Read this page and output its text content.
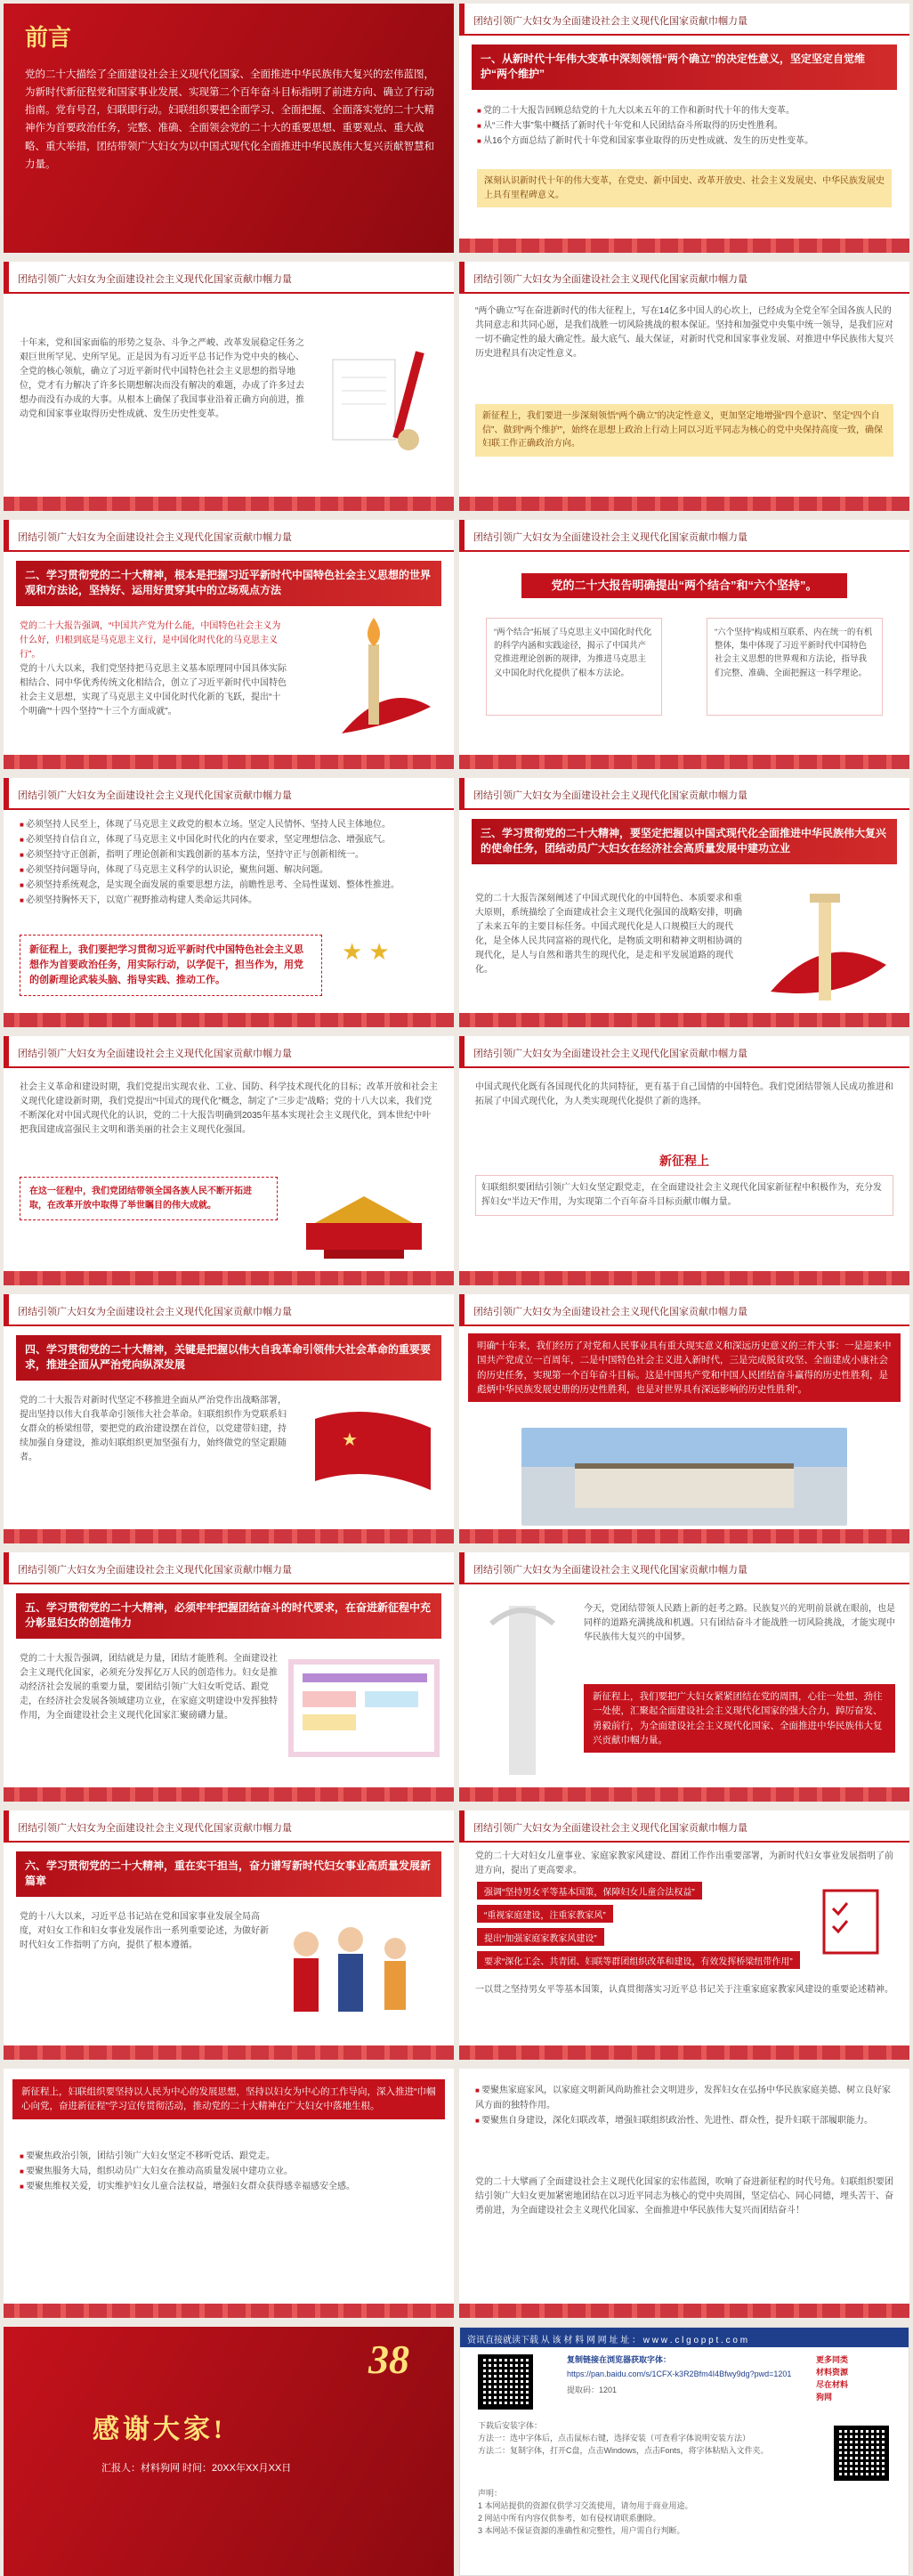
前言
党的二十大描绘了全面建设社会主义现代化国家、全面推进中华民族伟大复兴的宏伟蓝图，为新时代新征程党和国家事业发展、实现第二个百年奋斗目标指明了前进方向、确立了行动指南。党有号召，妇联即行动。妇联组织要把全面学习、全面把握、全面落实党的二十大精神作为首要政治任务，完整、准确、全面领会党的二十大的重要思想、重要观点、重大战略、重大举措，团结带领广大妇女为以中国式现代化全面推进中华民族伟大复兴贡献智慧和力量。
团结引领广大妇女为全面建设社会主义现代化国家贡献巾帼力量
一、从新时代十年伟大变革中深刻领悟“两个确立”的决定性意义，坚定坚定自觉维护“两个维护”
■ 党的二十大报告回顾总结党的十九大以来五年的工作和新时代十年的伟大变革。
■ 从“三件大事”集中概括了新时代十年党和人民团结奋斗所取得的历史性胜利。
■ 从16个方面总结了新时代十年党和国家事业取得的历史性成就、发生的历史性变革。
深刻认识新时代十年的伟大变革，在党史、新中国史、改革开放史、社会主义发展史、中华民族发展史上具有里程碑意义。
团结引领广大妇女为全面建设社会主义现代化国家贡献巾帼力量
十年来，党和国家面临的形势之复杂、斗争之严峻、改革发展稳定任务之艰巨世所罕见、史所罕见。正是因为有习近平总书记作为党中央的核心、全党的核心领航，确立了习近平新时代中国特色社会主义思想的指导地位，党才有力解决了许多长期想解决而没有解决的难题，办成了许多过去想办而没有办成的大事。从根本上确保了我国事业沿着正确方向前进，推动党和国家事业取得历史性成就、发生历史性变革。
团结引领广大妇女为全面建设社会主义现代化国家贡献巾帼力量
“两个确立”写在奋进新时代的伟大征程上，写在14亿多中国人的心坎上，已经成为全党全军全国各族人民的共同意志和共同心愿，是我们战胜一切风险挑战的根本保证。坚持和加强党中央集中统一领导，是我们应对一切不确定性的最大确定性。最大底气、最大保证，对新时代党和国家事业发展、对推进中华民族伟大复兴历史进程具有决定性意义。
新征程上，我们要进一步深刻领悟“两个确立”的决定性意义，更加坚定地增强“四个意识”、坚定“四个自信”、做到“两个维护”，始终在思想上政治上行动上同以习近平同志为核心的党中央保持高度一致，确保妇联工作正确政治方向。
团结引领广大妇女为全面建设社会主义现代化国家贡献巾帼力量
二、学习贯彻党的二十大精神，根本是把握习近平新时代中国特色社会主义思想的世界观和方法论，坚持好、运用好贯穿其中的立场观点方法
党的二十大报告强调，“中国共产党为什么能，中国特色社会主义为什么好，归根到底是马克思主义行，是中国化时代化的马克思主义行”。
党的十八大以来，我们党坚持把马克思主义基本原理同中国具体实际相结合、同中华优秀传统文化相结合，创立了习近平新时代中国特色社会主义思想，实现了马克思主义中国化时代化新的飞跃，提出“十个明确”“十四个坚持”“十三个方面成就”。
团结引领广大妇女为全面建设社会主义现代化国家贡献巾帼力量
党的二十大报告明确提出“两个结合”和“六个坚持”。
“两个结合”拓展了马克思主义中国化时代化的科学内涵和实践途径，揭示了中国共产党推进理论创新的规律，为推进马克思主义中国化时代化提供了根本方法论。
“六个坚持”构成相互联系、内在统一的有机整体，集中体现了习近平新时代中国特色社会主义思想的世界观和方法论，指导我们完整、准确、全面把握这一科学理论。
团结引领广大妇女为全面建设社会主义现代化国家贡献巾帼力量
■ 必须坚持人民至上，体现了马克思主义政党的根本立场。坚定人民情怀、坚持人民主体地位。
■ 必须坚持自信自立，体现了马克思主义中国化时代化的内在要求，坚定理想信念、增强底气。
■ 必须坚持守正创新，指明了理论创新和实践创新的基本方法，坚持守正与创新相统一。
■ 必须坚持问题导向，体现了马克思主义科学的认识论，聚焦问题、解决问题。
■ 必须坚持系统观念，是实现全面发展的重要思想方法，前瞻性思考、全局性谋划、整体性推进。
■ 必须坚持胸怀天下，以宽广视野推动构建人类命运共同体。
新征程上，我们要把学习贯彻习近平新时代中国特色社会主义思想作为首要政治任务，用实际行动，以学促干，担当作为，用党的创新理论武装头脑、指导实践、推动工作。
★ ★
团结引领广大妇女为全面建设社会主义现代化国家贡献巾帼力量
三、学习贯彻党的二十大精神，要坚定把握以中国式现代化全面推进中华民族伟大复兴的使命任务，团结动员广大妇女在经济社会高质量发展中建功立业
党的二十大报告深刻阐述了中国式现代化的中国特色、本质要求和重大原则，系统描绘了全面建成社会主义现代化强国的战略安排，明确了未来五年的主要目标任务。中国式现代化是人口规模巨大的现代化，是全体人民共同富裕的现代化，是物质文明和精神文明相协调的现代化，是人与自然和谐共生的现代化，是走和平发展道路的现代化。
团结引领广大妇女为全面建设社会主义现代化国家贡献巾帼力量
社会主义革命和建设时期，我们党提出实现农业、工业、国防、科学技术现代化的目标；改革开放和社会主义现代化建设新时期，我们党提出“中国式的现代化”概念，制定了“三步走”战略；党的十八大以来，我们党不断深化对中国式现代化的认识，党的二十大报告明确到2035年基本实现社会主义现代化，到本世纪中叶把我国建成富强民主文明和谐美丽的社会主义现代化强国。
在这一征程中，我们党团结带领全国各族人民不断开拓进取，在改革开放中取得了举世瞩目的伟大成就。
团结引领广大妇女为全面建设社会主义现代化国家贡献巾帼力量
中国式现代化既有各国现代化的共同特征，更有基于自己国情的中国特色。我们党团结带领人民成功推进和拓展了中国式现代化，为人类实现现代化提供了新的选择。
新征程上
妇联组织要团结引领广大妇女坚定跟党走，在全面建设社会主义现代化国家新征程中积极作为，充分发挥妇女“半边天”作用，为实现第二个百年奋斗目标贡献巾帼力量。
团结引领广大妇女为全面建设社会主义现代化国家贡献巾帼力量
四、学习贯彻党的二十大精神，关键是把握以伟大自我革命引领伟大社会革命的重要要求，推进全面从严治党向纵深发展
党的二十大报告对新时代坚定不移推进全面从严治党作出战略部署，提出坚持以伟大自我革命引领伟大社会革命。妇联组织作为党联系妇女群众的桥梁纽带，要把党的政治建设摆在首位，以党建带妇建，持续加强自身建设，推动妇联组织更加坚强有力，始终做党的坚定跟随者。
★
团结引领广大妇女为全面建设社会主义现代化国家贡献巾帼力量
明确“十年来，我们经历了对党和人民事业具有重大现实意义和深远历史意义的三件大事：一是迎来中国共产党成立一百周年，二是中国特色社会主义进入新时代，三是完成脱贫攻坚、全面建成小康社会的历史任务，实现第一个百年奋斗目标。这是中国共产党和中国人民团结奋斗赢得的历史性胜利，是彪炳中华民族发展史册的历史性胜利，也是对世界具有深远影响的历史性胜利”。
团结引领广大妇女为全面建设社会主义现代化国家贡献巾帼力量
五、学习贯彻党的二十大精神，必须牢牢把握团结奋斗的时代要求，在奋进新征程中充分彰显妇女的创造伟力
党的二十大报告强调，团结就是力量，团结才能胜利。全面建设社会主义现代化国家，必须充分发挥亿万人民的创造伟力。妇女是推动经济社会发展的重要力量，要团结引领广大妇女听党话、跟党走，在经济社会发展各领域建功立业，在家庭文明建设中发挥独特作用，为全面建设社会主义现代化国家汇聚磅礴力量。
团结引领广大妇女为全面建设社会主义现代化国家贡献巾帼力量
今天，党团结带领人民踏上新的赶考之路。民族复兴的光明前景就在眼前，也是同样的道路充满挑战和机遇。只有团结奋斗才能战胜一切风险挑战，才能实现中华民族伟大复兴的中国梦。
新征程上，我们要把广大妇女紧紧团结在党的周围，心往一处想、劲往一处使，汇聚起全面建设社会主义现代化国家的强大合力，踔厉奋发、勇毅前行，为全面建设社会主义现代化国家、全面推进中华民族伟大复兴贡献巾帼力量。
团结引领广大妇女为全面建设社会主义现代化国家贡献巾帼力量
六、学习贯彻党的二十大精神，重在实干担当，奋力谱写新时代妇女事业高质量发展新篇章
党的十八大以来，习近平总书记站在党和国家事业发展全局高度，对妇女工作和妇女事业发展作出一系列重要论述，为做好新时代妇女工作指明了方向，提供了根本遵循。
团结引领广大妇女为全面建设社会主义现代化国家贡献巾帼力量
党的二十大对妇女儿童事业、家庭家教家风建设、群团工作作出重要部署，为新时代妇女事业发展指明了前进方向，提出了更高要求。
强调“坚持男女平等基本国策，保障妇女儿童合法权益”
“重视家庭建设，注重家教家风”
提出“加强家庭家教家风建设”
要求“深化工会、共青团、妇联等群团组织改革和建设，有效发挥桥梁纽带作用”
一以贯之坚持男女平等基本国策，认真贯彻落实习近平总书记关于注重家庭家教家风建设的重要论述精神。
新征程上，妇联组织要坚持以人民为中心的发展思想，坚持以妇女为中心的工作导向，深入推进“巾帼心向党，奋进新征程”学习宣传贯彻活动，推动党的二十大精神在广大妇女中落地生根。
■ 要聚焦政治引领，团结引领广大妇女坚定不移听党话、跟党走。
■ 要聚焦服务大局，组织动员广大妇女在推动高质量发展中建功立业。
■ 要聚焦维权关爱，切实维护妇女儿童合法权益，增强妇女群众获得感幸福感安全感。
■ 要聚焦家庭家风，以家庭文明新风尚助推社会文明进步，发挥妇女在弘扬中华民族家庭美德、树立良好家风方面的独特作用。
■ 要聚焦自身建设，深化妇联改革，增强妇联组织政治性、先进性、群众性，提升妇联干部履职能力。
党的二十大擘画了全面建设社会主义现代化国家的宏伟蓝图，吹响了奋进新征程的时代号角。妇联组织要团结引领广大妇女更加紧密地团结在以习近平同志为核心的党中央周围，坚定信心、同心同德，埋头苦干、奋勇前进，为全面建设社会主义现代化国家、全面推进中华民族伟大复兴而团结奋斗！
38
感谢大家!
汇报人：材料狗网 时间：20XX年XX月XX日
资讯直接就读下载 从 该 材 料 网 网 址 址 ： w w w . c l g o p p t . c o m
复制链接在浏览器获取字体：
https://pan.baidu.com/s/1CFX-k3R2Bfm4I4Bfwy9dg?pwd=1201
提取码：1201
下载后安装字体：
方法一：选中字体后，点击鼠标右键，选择安装（可查看字体说明安装方法）
方法二：复制字体，打开C盘，点击Windows，点击Fonts，将字体粘贴入文件夹。
声明：
1 本网站提供的资源仅供学习交流使用，请勿用于商业用途。
2 网站中所有内容仅供参考，如有侵权请联系删除。
3 本网站不保证资源的准确性和完整性，用户需自行判断。
更多同类
材料资源
尽在材料
狗网
